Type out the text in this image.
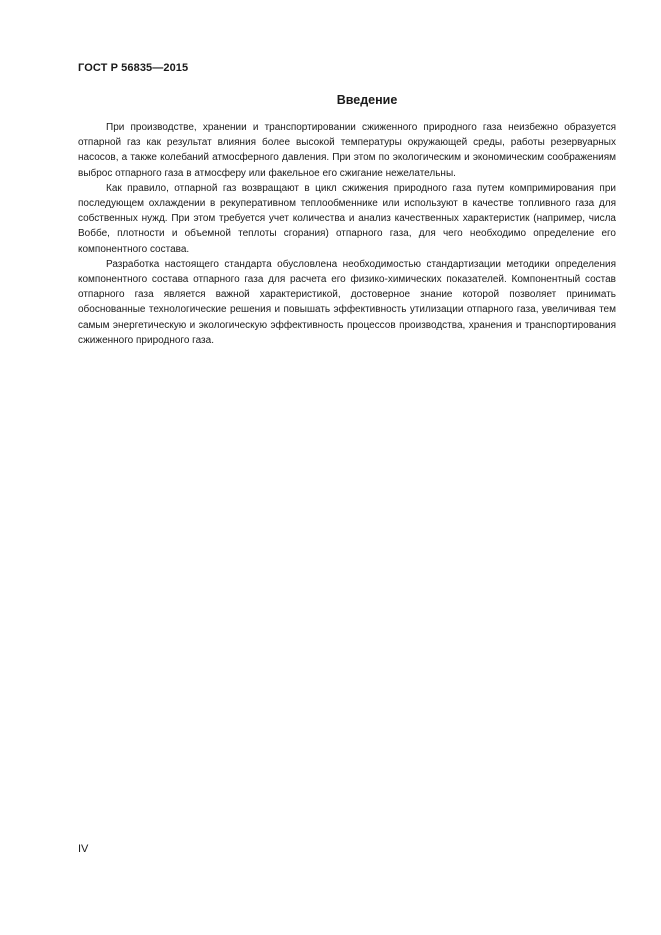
ГОСТ Р 56835—2015
Введение

При производстве, хранении и транспортировании сжиженного природного газа неизбежно образуется отпарной газ как результат влияния более высокой температуры окружающей среды, работы резервуарных насосов, а также колебаний атмосферного давления. При этом по экологическим и экономическим соображениям выброс отпарного газа в атмосферу или факельное его сжигание нежелательны.

Как правило, отпарной газ возвращают в цикл сжижения природного газа путем компримирования при последующем охлаждении в рекуперативном теплообменнике или используют в качестве топливного газа для собственных нужд. При этом требуется учет количества и анализ качественных характеристик (например, числа Воббе, плотности и объемной теплоты сгорания) отпарного газа, для чего необходимо определение его компонентного состава.

Разработка настоящего стандарта обусловлена необходимостью стандартизации методики определения компонентного состава отпарного газа для расчета его физико-химических показателей. Компонентный состав отпарного газа является важной характеристикой, достоверное знание которой позволяет принимать обоснованные технологические решения и повышать эффективность утилизации отпарного газа, увеличивая тем самым энергетическую и экологическую эффективность процессов производства, хранения и транспортирования сжиженного природного газа.

IV
